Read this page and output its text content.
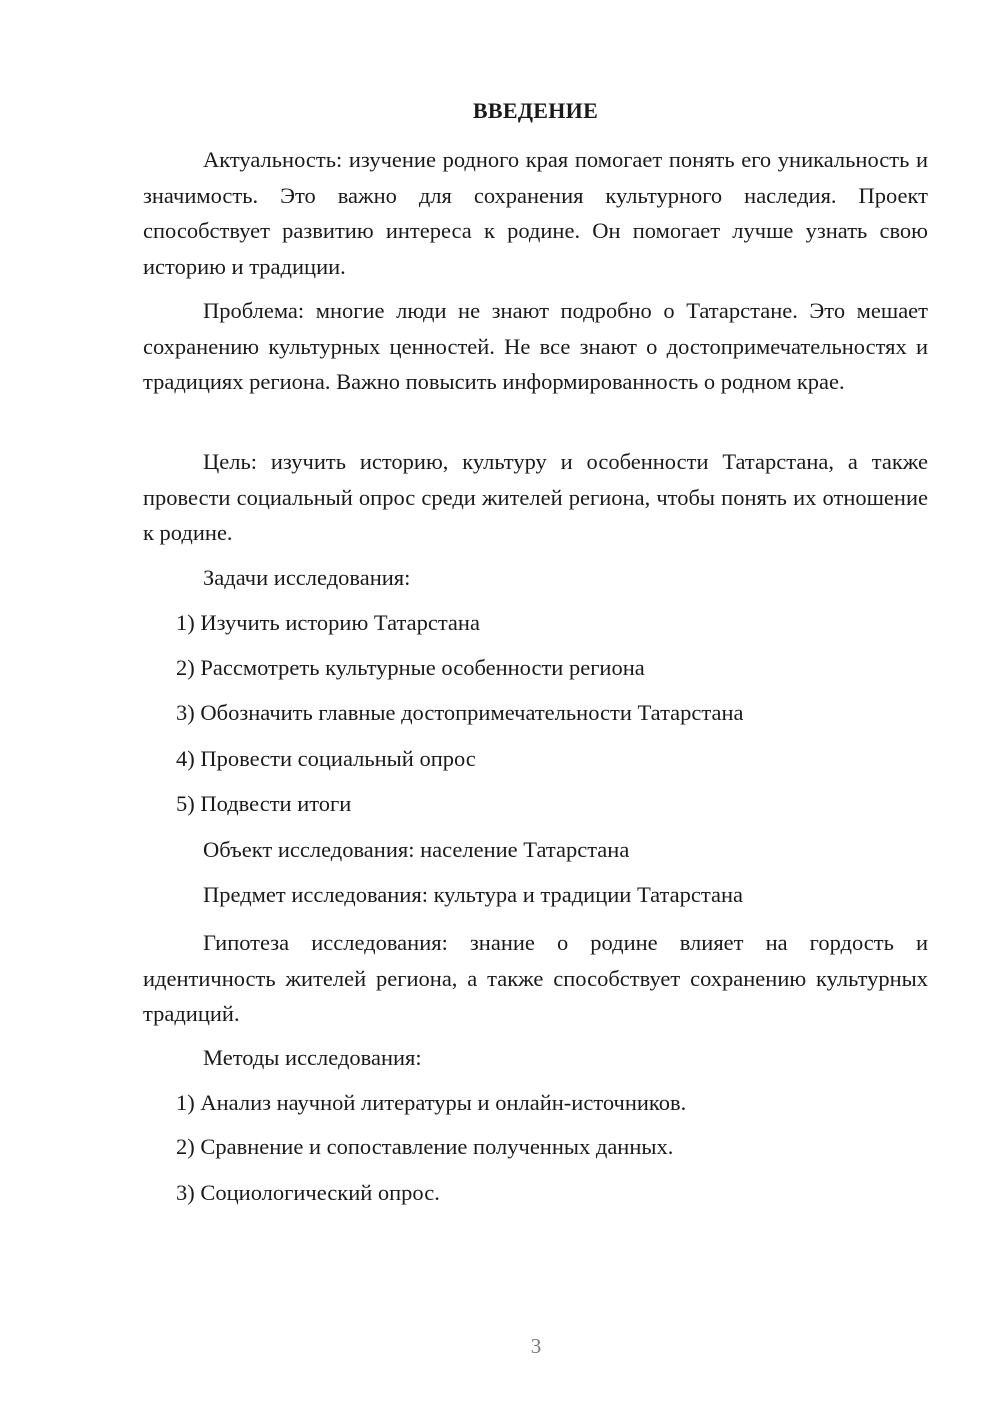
ВВЕДЕНИЕ

Актуальность: изучение родного края помогает понять его уникальность и значимость. Это важно для сохранения культурного наследия. Проект способствует развитию интереса к родине. Он помогает лучше узнать свою историю и традиции.

Проблема: многие люди не знают подробно о Татарстане. Это мешает сохранению культурных ценностей. Не все знают о достопримечательностях и традициях региона. Важно повысить информированность о родном крае.

Цель: изучить историю, культуру и особенности Татарстана, а также провести социальный опрос среди жителей региона, чтобы понять их отношение к родине.

Задачи исследования:

1) Изучить историю Татарстана

2) Рассмотреть культурные особенности региона

3) Обозначить главные достопримечательности Татарстана

4) Провести социальный опрос

5) Подвести итоги

Объект исследования: население Татарстана

Предмет исследования: культура и традиции Татарстана

Гипотеза исследования: знание о родине влияет на гордость и идентичность жителей региона, а также способствует сохранению культурных традиций.

Методы исследования:

1) Анализ научной литературы и онлайн-источников.

2) Сравнение и сопоставление полученных данных.

3) Социологический опрос.

3
